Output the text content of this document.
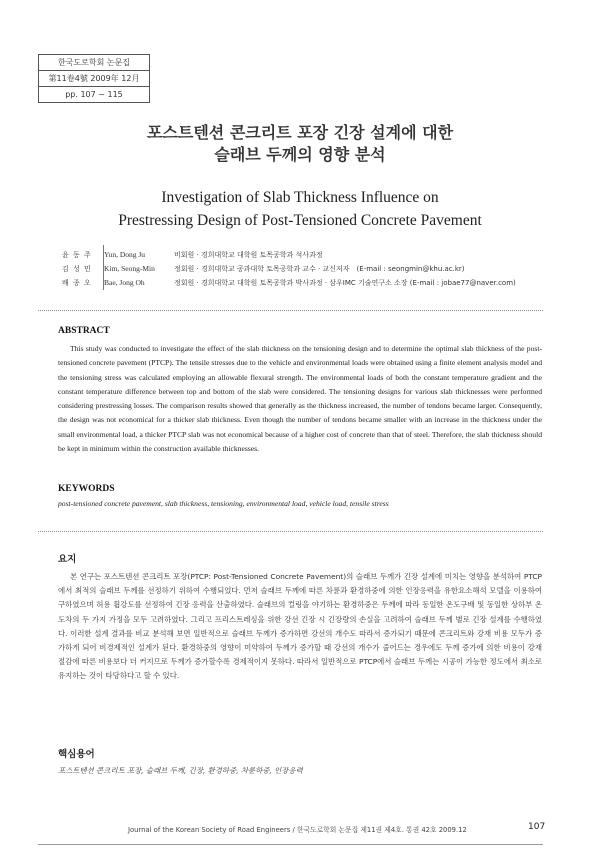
한국도로학회 논문집
第11卷4號 2009年 12月
pp. 107 ~ 115
포스트텐션 콘크리트 포장 긴장 설계에 대한
슬래브 두께의 영향 분석
Investigation of Slab Thickness Influence on
Prestressing Design of Post-Tensioned Concrete Pavement
윤 동 주 Yun, Dong Ju	비회원 · 경희대학교 대학원 토목공학과 석사과정
김 성 민 Kim, Seong-Min	정회원 · 경희대학교 공과대학 토목공학과 교수 · 교신저자　(E-mail : seongmin@khu.ac.kr)
배 종 오 Bae, Jong Oh	정회원 · 경희대학교 대학원 토목공학과 박사과정 · 삼우IMC 기술연구소 소장 (E-mail : jobae77@naver.com)
ABSTRACT

This study was conducted to investigate the effect of the slab thickness on the tensioning design and to determine the optimal slab thickness of the post-tensioned concrete pavement (PTCP). The tensile stresses due to the vehicle and environmental loads were obtained using a finite element analysis model and the tensioning stress was calculated employing an allowable flexural strength. The environmental loads of both the constant temperature gradient and the constant temperature difference between top and bottom of the slab were considered. The tensioning designs for various slab thicknesses were performed considering prestressing losses. The comparison results showed that generally as the thickness increased, the number of tendons became larger. Consequently, the design was not economical for a thicker slab thickness. Even though the number of tendons became smaller with an increase in the thickness under the small environmental load, a thicker PTCP slab was not economical because of a higher cost of concrete than that of steel. Therefore, the slab thickness should be kept in minimum within the construction available thicknesses.

KEYWORDS

post-tensioned concrete pavement, slab thickness, tensioning, environmental load, vehicle load, tensile stress

요지

본 연구는 포스트텐션 콘크리트 포장(PTCP: Post-Tensioned Concrete Pavement)의 슬래브 두께가 긴장 설계에 미치는 영향을 분석하여 PTCP에서 최적의 슬래브 두께를 선정하기 위하여 수행되었다. 먼저 슬래브 두께에 따른 차륜과 환경하중에 의한 인장응력을 유한요소해석 모델을 이용하여 구하였으며 허용 휨강도를 선정하여 긴장 응력을 산출하였다. 슬래브의 컬링을 야기하는 환경하중은 두께에 따라 동일한 온도구배 및 동일한 상하부 온도차의 두 가지 가정을 모두 고려하였다. 그리고 프리스트레싱을 위한 강선 긴장 시 긴장량의 손실을 고려하여 슬래브 두께 별로 긴장 설계를 수행하였다. 이러한 설계 결과를 비교 분석해 보면 일반적으로 슬래브 두께가 증가하면 강선의 개수도 따라서 증가되기 때문에 콘크리트와 강재 비용 모두가 증가하게 되어 비경제적인 설계가 된다. 환경하중의 영향이 미약하여 두께가 증가할 때 강선의 개수가 줄어드는 경우에도 두께 증가에 의한 비용이 강재 절감에 따른 비용보다 더 커지므로 두께가 증가할수록 경제적이지 못하다. 따라서 일반적으로 PTCP에서 슬래브 두께는 시공이 가능한 정도에서 최소로 유지하는 것이 타당하다고 할 수 있다.

핵심용어
포스트텐션 콘크리트 포장, 슬래브 두께, 긴장, 환경하중, 차륜하중, 인장응력
Journal of the Korean Society of Road Engineers / 한국도로학회 논문집 제11권 제4호. 통권 42호 2009.12	107
